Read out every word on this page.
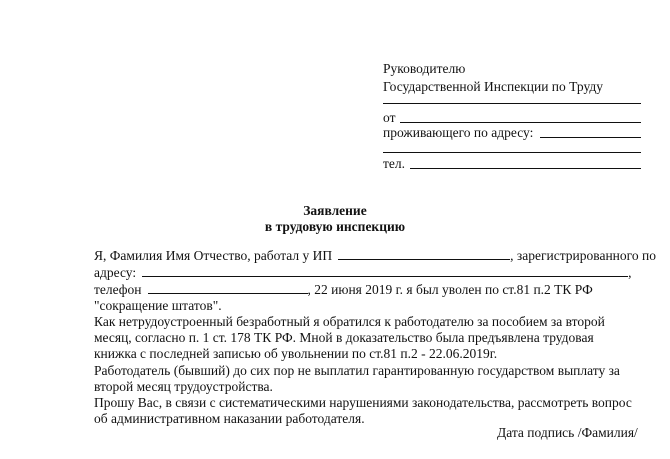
Руководителю
Государственной Инспекции по Труду
от
проживающего по адресу:
тел.
Заявление
в трудовую инспекцию
Я, Фамилия Имя Отчество, работал у ИП	, зарегистрированного по
адресу:	,
телефон	, 22 июня 2019 г. я был уволен по ст.81 п.2 ТК РФ
"сокращение штатов".
Как нетрудоустроенный безработный я обратился к работодателю за пособием за второй
месяц, согласно п. 1 ст. 178 ТК РФ. Мной в доказательство была предъявлена трудовая
книжка с последней записью об увольнении по ст.81 п.2 - 22.06.2019г.
Работодатель (бывший) до сих пор не выплатил гарантированную государством выплату за
второй месяц трудоустройства.
Прошу Вас, в связи с систематическими нарушениями законодательства, рассмотреть вопрос
об административном наказании работодателя.
Дата подпись /Фамилия/
